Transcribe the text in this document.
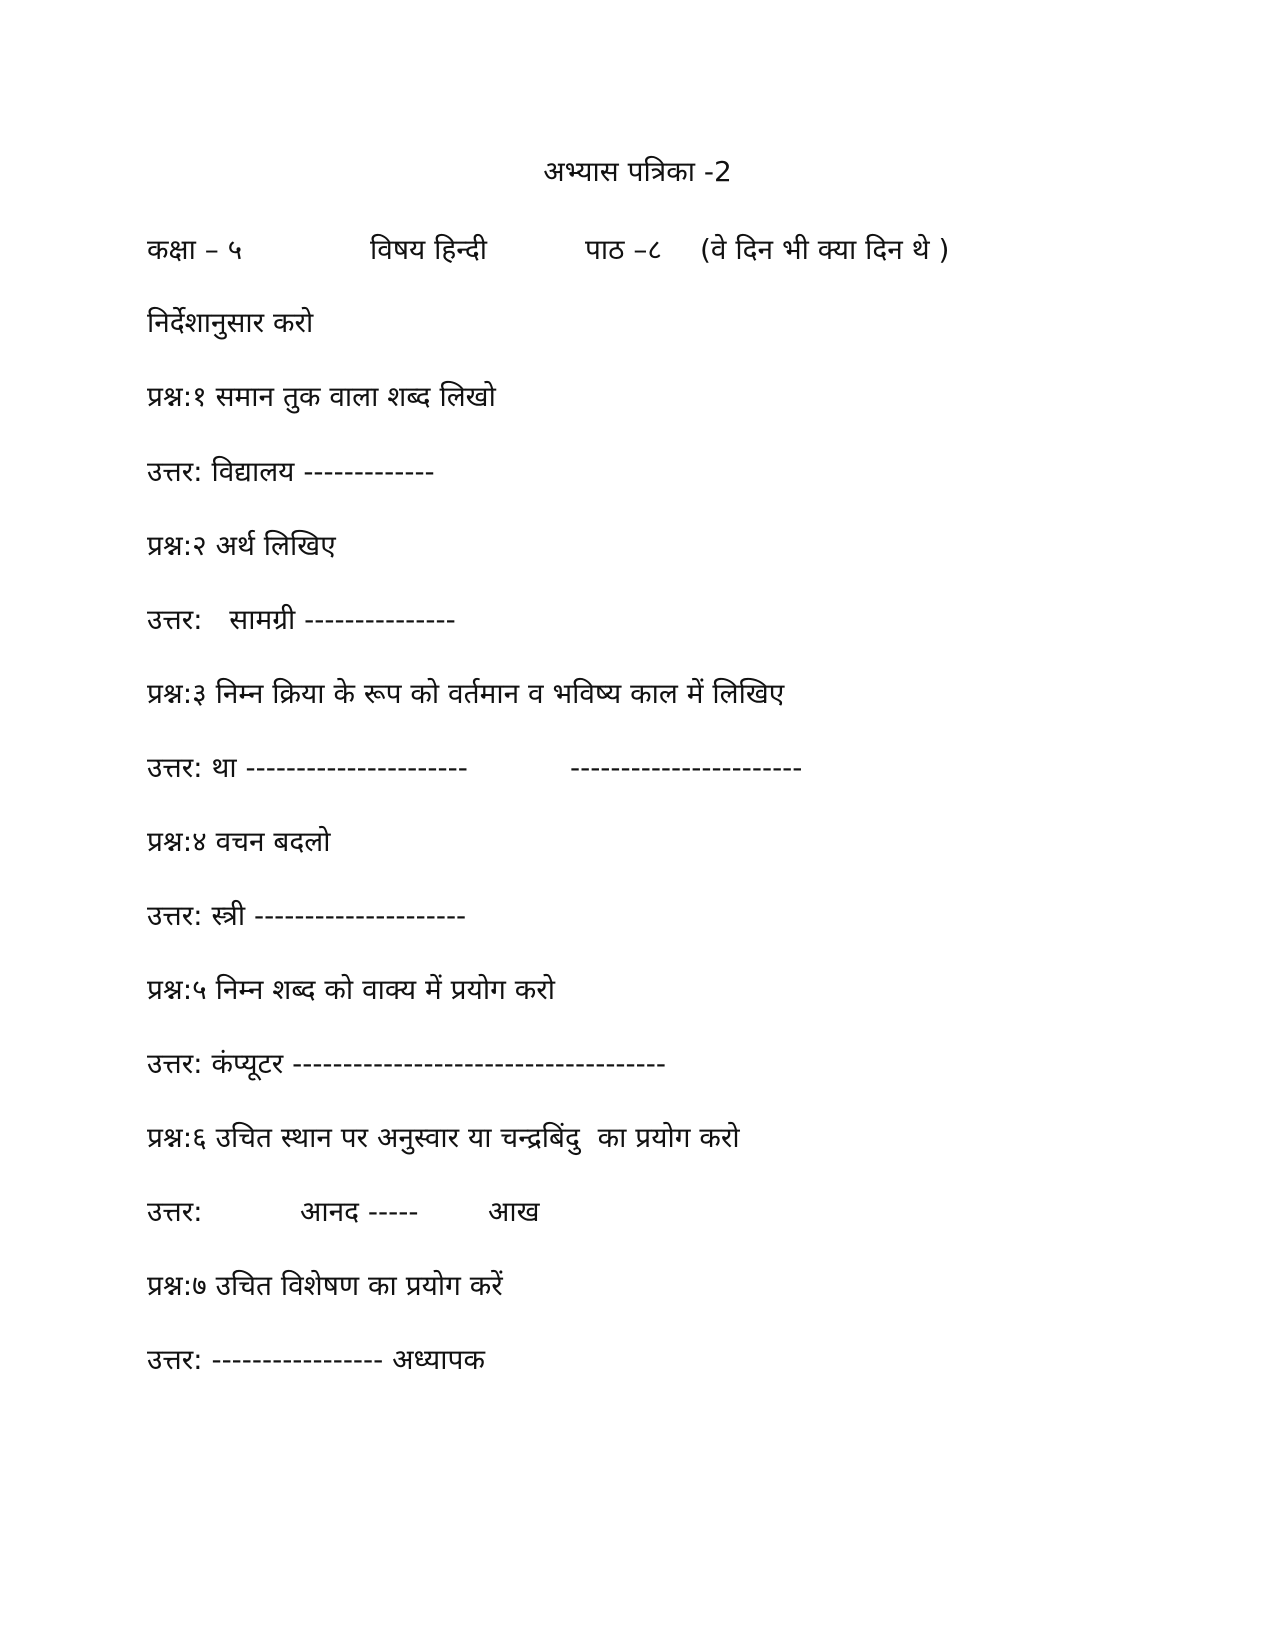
अभ्यास पत्रिका -2
कक्षा – ५	विषय हिन्दी	पाठ –८ (वे दिन भी क्या दिन थे )
निर्देशानुसार करो
प्रश्न:१ समान तुक वाला शब्द लिखो
उत्तर: विद्यालय -------------
प्रश्न:२ अर्थ लिखिए
उत्तर:   सामग्री ---------------
प्रश्न:३ निम्न क्रिया के रूप को वर्तमान व भविष्य काल में लिखिए
उत्तर: था ----------------------	-----------------------
प्रश्न:४ वचन बदलो
उत्तर: स्त्री ---------------------
प्रश्न:५ निम्न शब्द को वाक्य में प्रयोग करो
उत्तर: कंप्यूटर -------------------------------------
प्रश्न:६ उचित स्थान पर अनुस्वार या चन्द्रबिंदु  का प्रयोग करो
उत्तर:	आनद ----- आख
प्रश्न:७ उचित विशेषण का प्रयोग करें
उत्तर: ----------------- अध्यापक
